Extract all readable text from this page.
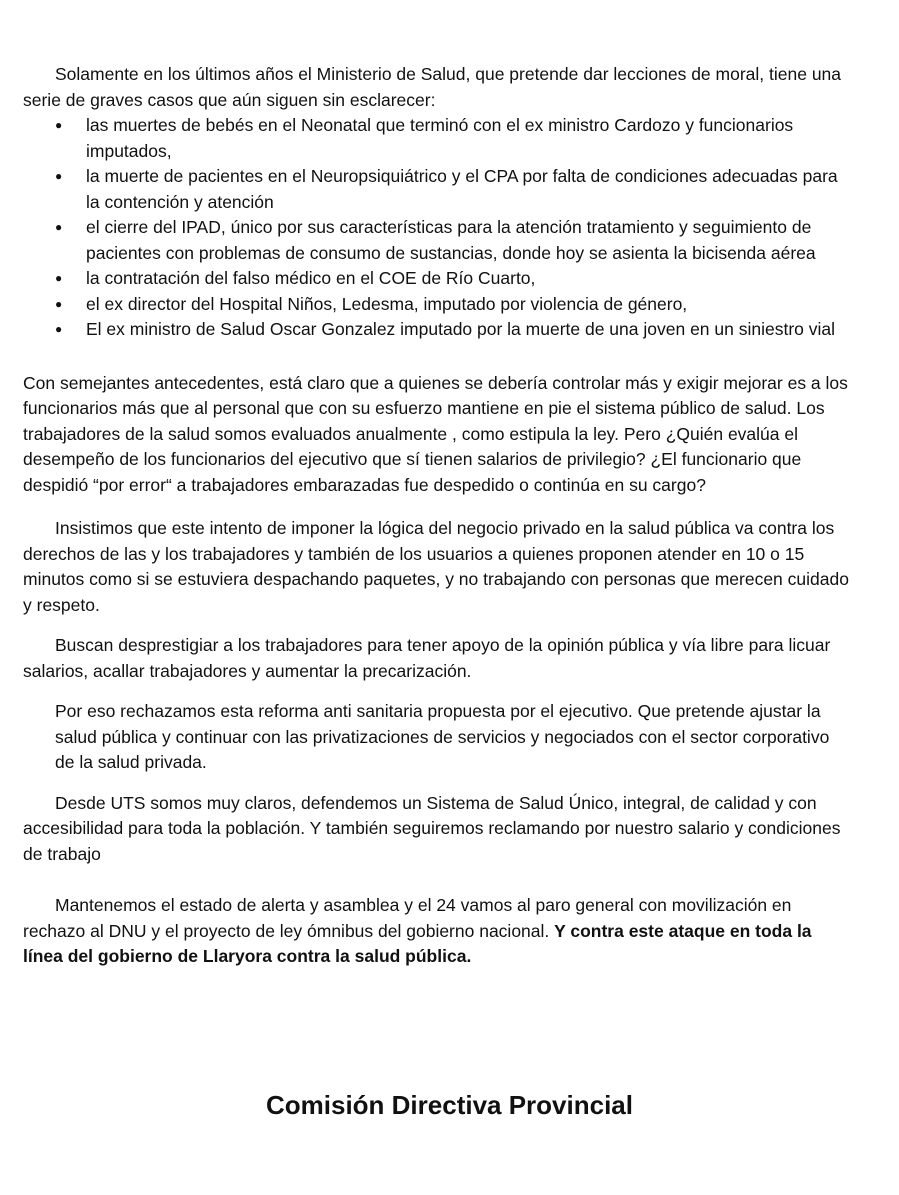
Solamente en los últimos años el Ministerio de Salud, que pretende dar lecciones de moral, tiene una serie de graves casos que aún siguen sin esclarecer:

● las muertes de bebés en el Neonatal que terminó con el ex ministro Cardozo y funcionarios imputados,
● la muerte de pacientes en el Neuropsiquiátrico y el CPA por falta de condiciones adecuadas para la contención y atención
● el cierre del IPAD, único por sus características para la atención tratamiento y seguimiento de pacientes con problemas de consumo de sustancias, donde hoy se asienta la bicisenda aérea
● la contratación del falso médico en el COE de Río Cuarto,
● el ex director del Hospital Niños, Ledesma, imputado por violencia de género,
● El ex ministro de Salud Oscar Gonzalez imputado por la muerte de una joven en un siniestro vial

Con semejantes antecedentes, está claro que a quienes se debería controlar más y exigir mejorar es a los funcionarios más que al personal que con su esfuerzo mantiene en pie el sistema público de salud. Los trabajadores de la salud somos evaluados anualmente , como estipula la ley. Pero ¿Quién evalúa el desempeño de los funcionarios del ejecutivo que sí tienen salarios de privilegio? ¿El funcionario que despidió “por error“ a trabajadores embarazadas fue despedido o continúa en su cargo?

Insistimos que este intento de imponer la lógica del negocio privado en la salud pública va contra los derechos de las y los trabajadores y también de los usuarios a quienes proponen atender en 10 o 15 minutos como si se estuviera despachando paquetes, y no trabajando con personas que merecen cuidado y respeto.

Buscan desprestigiar a los trabajadores para tener apoyo de la opinión pública y vía libre para licuar salarios, acallar trabajadores y aumentar la precarización.

Por eso rechazamos esta reforma anti sanitaria propuesta por el ejecutivo. Que pretende ajustar la salud pública y continuar con las privatizaciones de servicios y negociados con el sector corporativo de la salud privada.

Desde UTS somos muy claros, defendemos un Sistema de Salud Único, integral, de calidad y con accesibilidad para toda la población. Y también seguiremos reclamando por nuestro salario y condiciones de trabajo

Mantenemos el estado de alerta y asamblea y el 24 vamos al paro general con movilización en rechazo al DNU y el proyecto de ley ómnibus del gobierno nacional. Y contra este ataque en toda la línea del gobierno de Llaryora contra la salud pública.

Comisión Directiva Provincial
